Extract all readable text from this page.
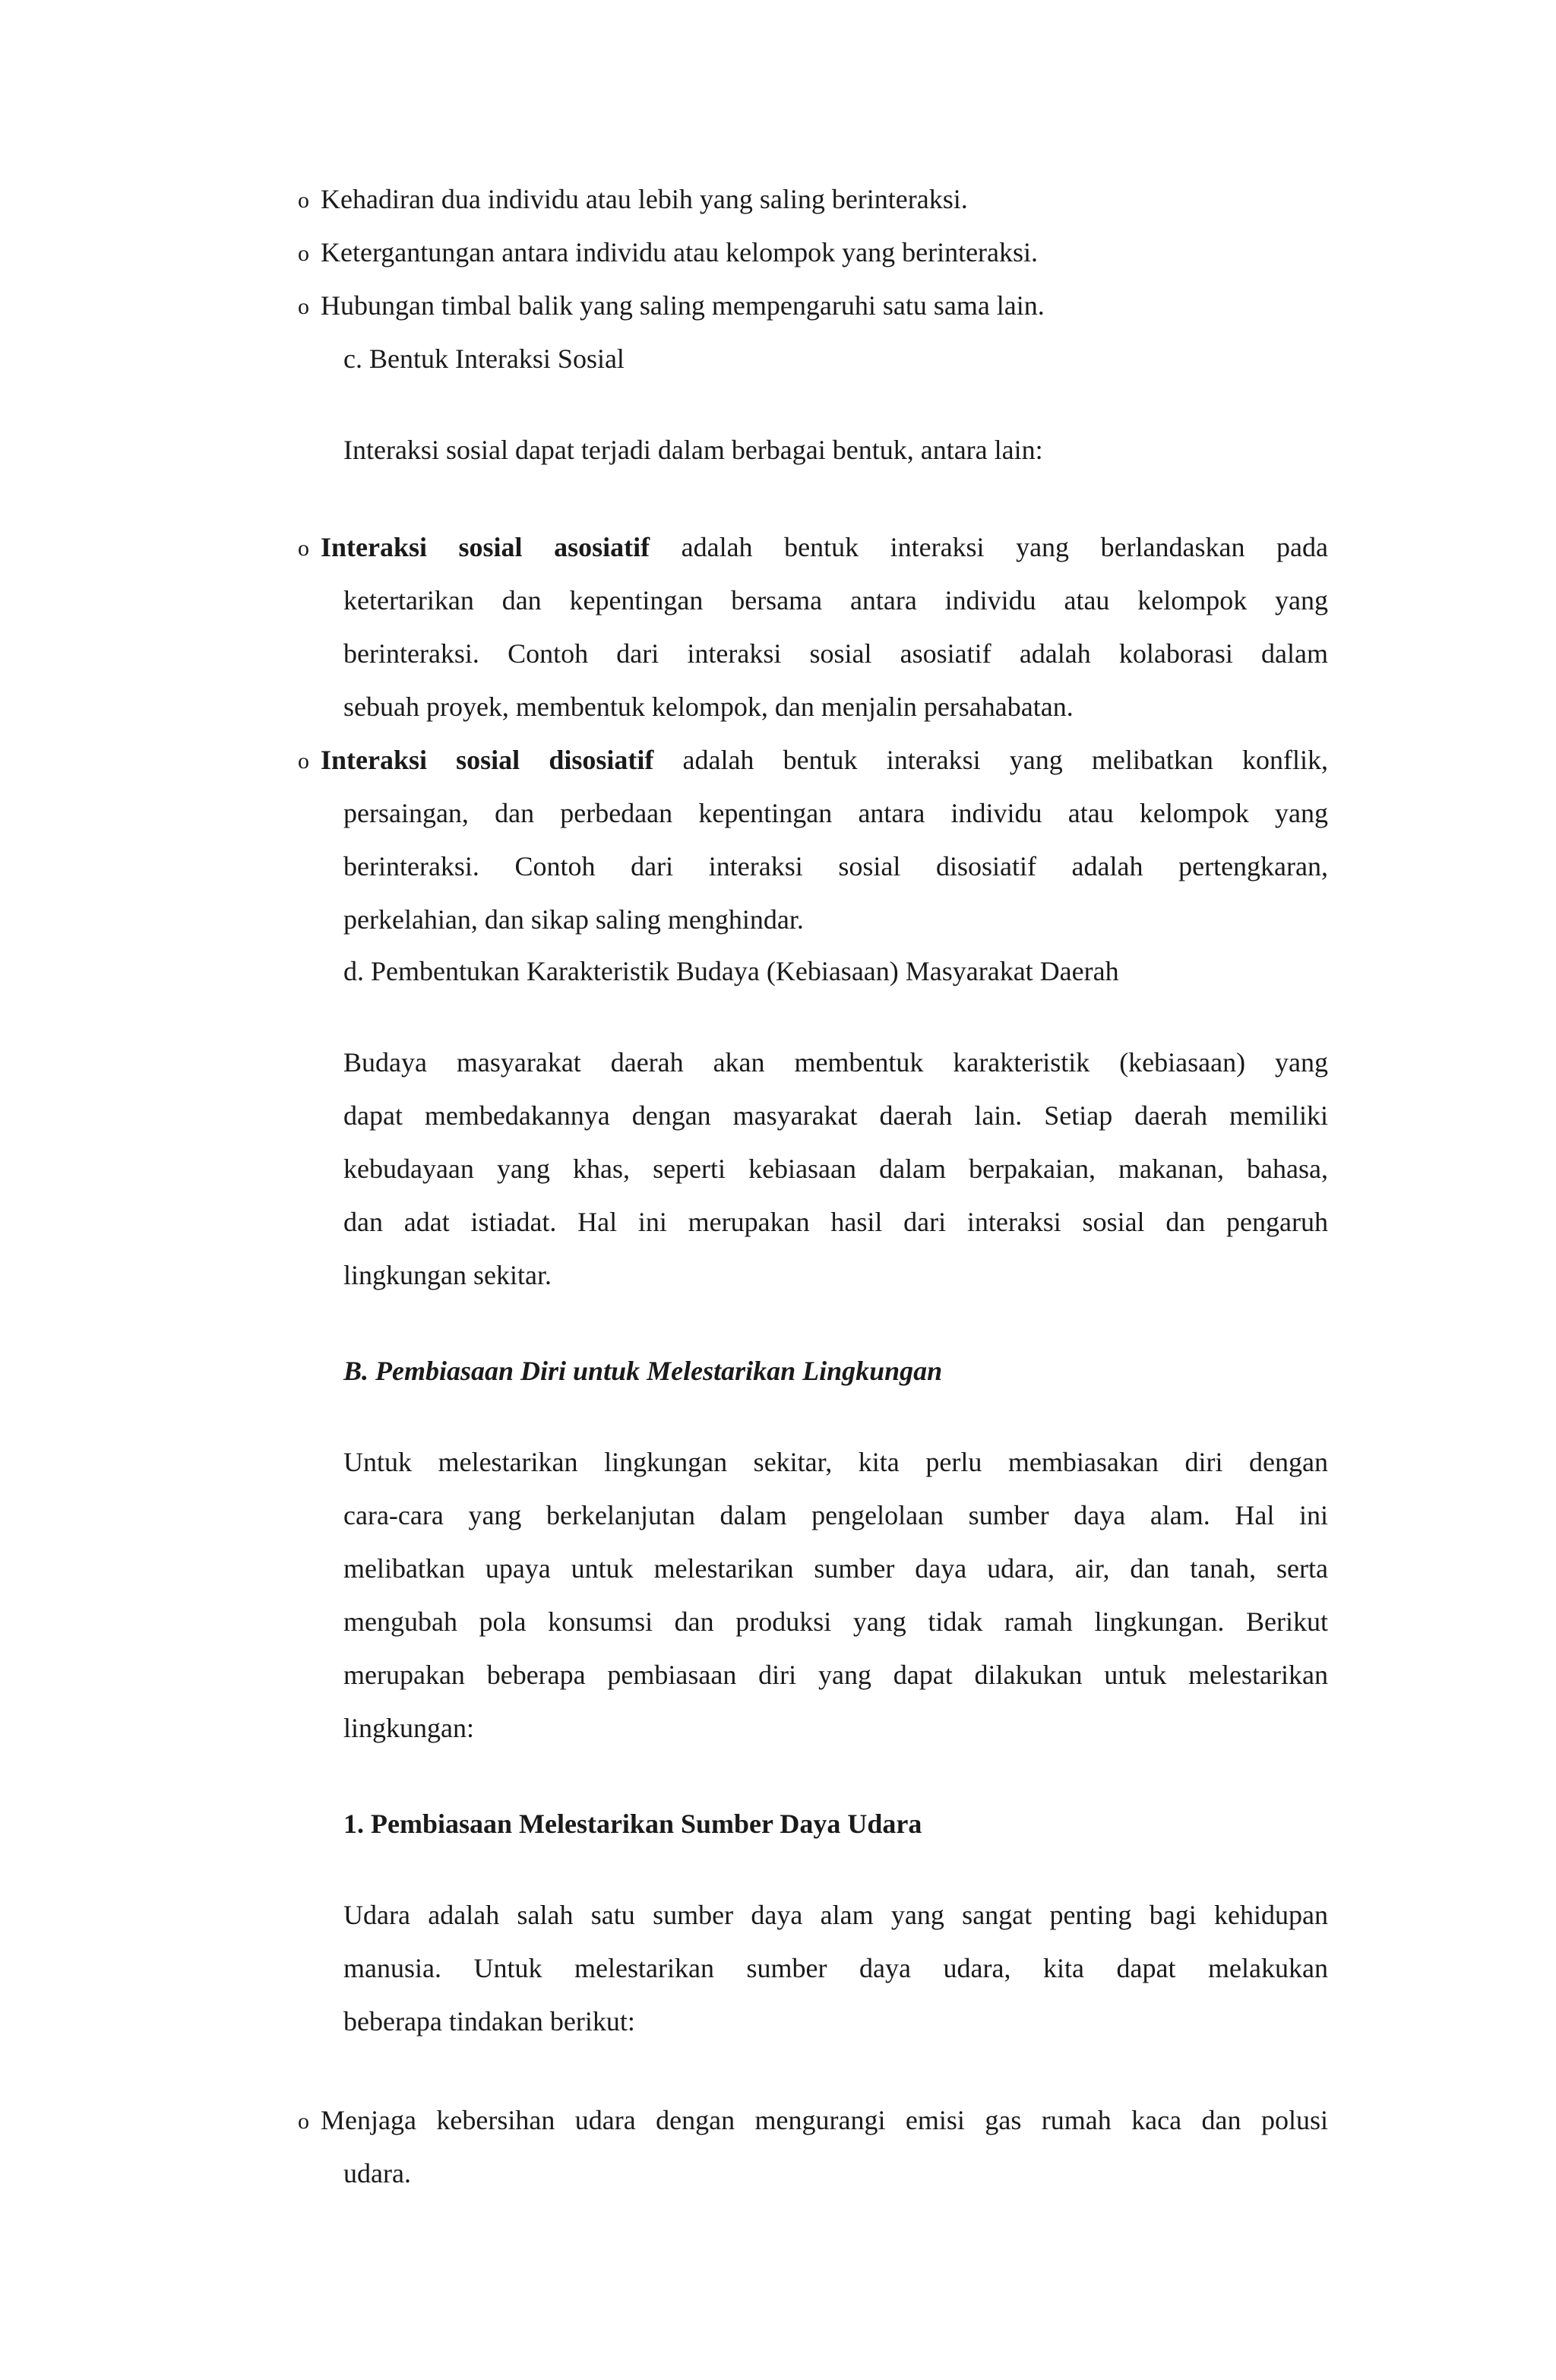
o Kehadiran dua individu atau lebih yang saling berinteraksi.
o Ketergantungan antara individu atau kelompok yang berinteraksi.
o Hubungan timbal balik yang saling mempengaruhi satu sama lain.
c. Bentuk Interaksi Sosial
Interaksi sosial dapat terjadi dalam berbagai bentuk, antara lain:
o Interaksi sosial asosiatif adalah bentuk interaksi yang berlandaskan pada
ketertarikan dan kepentingan bersama antara individu atau kelompok yang
berinteraksi. Contoh dari interaksi sosial asosiatif adalah kolaborasi dalam
sebuah proyek, membentuk kelompok, dan menjalin persahabatan.
o Interaksi sosial disosiatif adalah bentuk interaksi yang melibatkan konflik,
persaingan, dan perbedaan kepentingan antara individu atau kelompok yang
berinteraksi. Contoh dari interaksi sosial disosiatif adalah pertengkaran,
perkelahian, dan sikap saling menghindar.
d. Pembentukan Karakteristik Budaya (Kebiasaan) Masyarakat Daerah
Budaya masyarakat daerah akan membentuk karakteristik (kebiasaan) yang
dapat membedakannya dengan masyarakat daerah lain. Setiap daerah memiliki
kebudayaan yang khas, seperti kebiasaan dalam berpakaian, makanan, bahasa,
dan adat istiadat. Hal ini merupakan hasil dari interaksi sosial dan pengaruh
lingkungan sekitar.
B. Pembiasaan Diri untuk Melestarikan Lingkungan
Untuk melestarikan lingkungan sekitar, kita perlu membiasakan diri dengan
cara-cara yang berkelanjutan dalam pengelolaan sumber daya alam. Hal ini
melibatkan upaya untuk melestarikan sumber daya udara, air, dan tanah, serta
mengubah pola konsumsi dan produksi yang tidak ramah lingkungan. Berikut
merupakan beberapa pembiasaan diri yang dapat dilakukan untuk melestarikan
lingkungan:
1. Pembiasaan Melestarikan Sumber Daya Udara
Udara adalah salah satu sumber daya alam yang sangat penting bagi kehidupan
manusia. Untuk melestarikan sumber daya udara, kita dapat melakukan
beberapa tindakan berikut:
o Menjaga kebersihan udara dengan mengurangi emisi gas rumah kaca dan polusi
udara.
